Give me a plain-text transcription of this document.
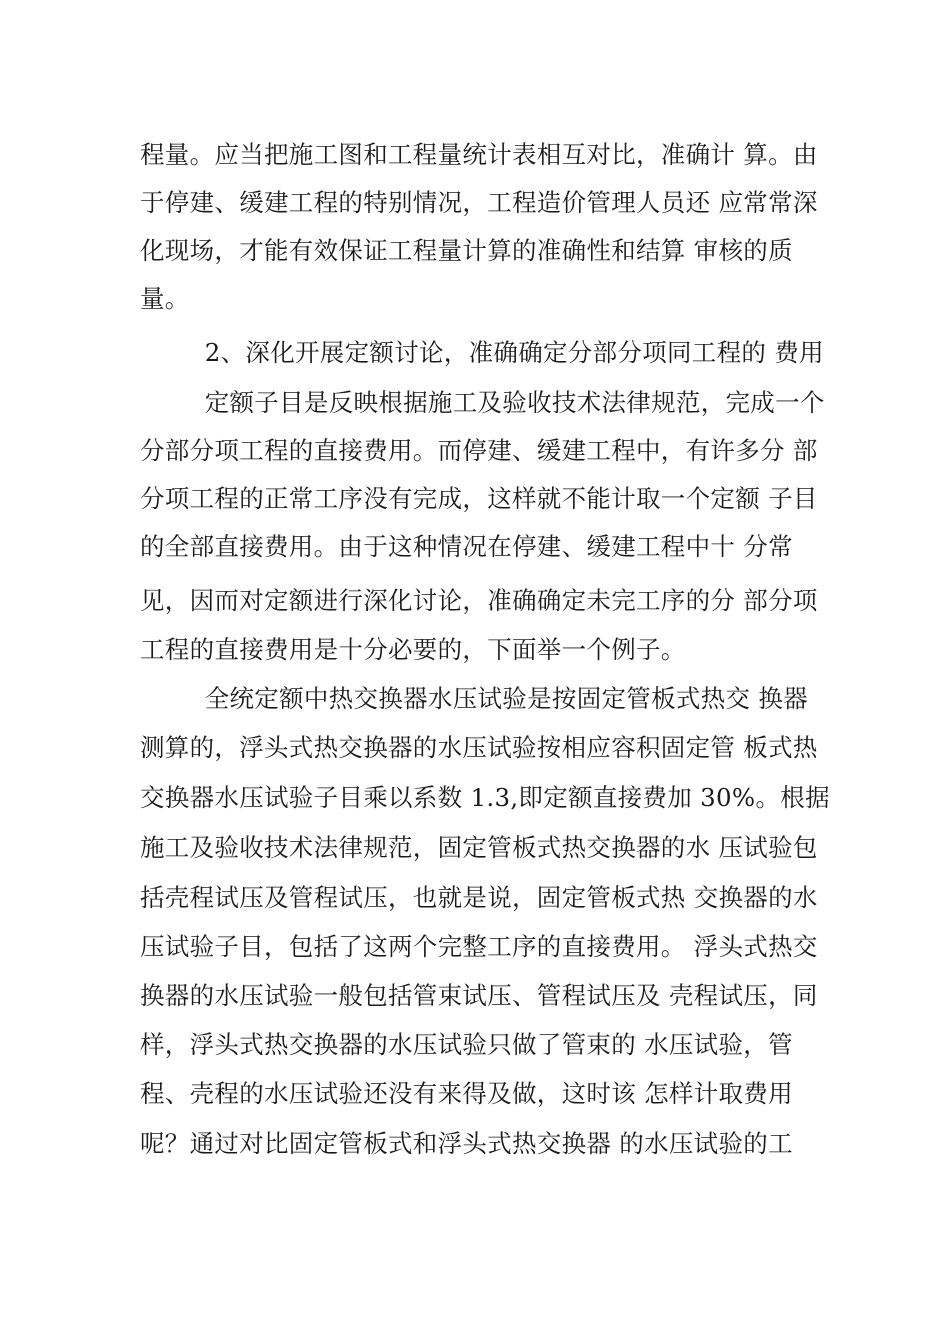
程量。应当把施工图和工程量统计表相互对比，准确计 算。由
于停建、缓建工程的特别情况，工程造价管理人员还 应常常深
化现场，才能有效保证工程量计算的准确性和结算 审核的质
量。
2、深化开展定额讨论，准确确定分部分项同工程的 费用
定额子目是反映根据施工及验收技术法律规范，完成一个
分部分项工程的直接费用。而停建、缓建工程中，有许多分 部
分项工程的正常工序没有完成，这样就不能计取一个定额 子目
的全部直接费用。由于这种情况在停建、缓建工程中十 分常
见，因而对定额进行深化讨论，准确确定未完工序的分 部分项
工程的直接费用是十分必要的，下面举一个例子。
全统定额中热交换器水压试验是按固定管板式热交 换器
测算的，浮头式热交换器的水压试验按相应容积固定管 板式热
交换器水压试验子目乘以系数 1.3,即定额直接费加 30%。根据
施工及验收技术法律规范，固定管板式热交换器的水 压试验包
括壳程试压及管程试压，也就是说，固定管板式热 交换器的水
压试验子目，包括了这两个完整工序的直接费用。 浮头式热交
换器的水压试验一般包括管束试压、管程试压及 壳程试压，同
样，浮头式热交换器的水压试验只做了管束的 水压试验，管
程、壳程的水压试验还没有来得及做，这时该 怎样计取费用
呢？通过对比固定管板式和浮头式热交换器 的水压试验的工
